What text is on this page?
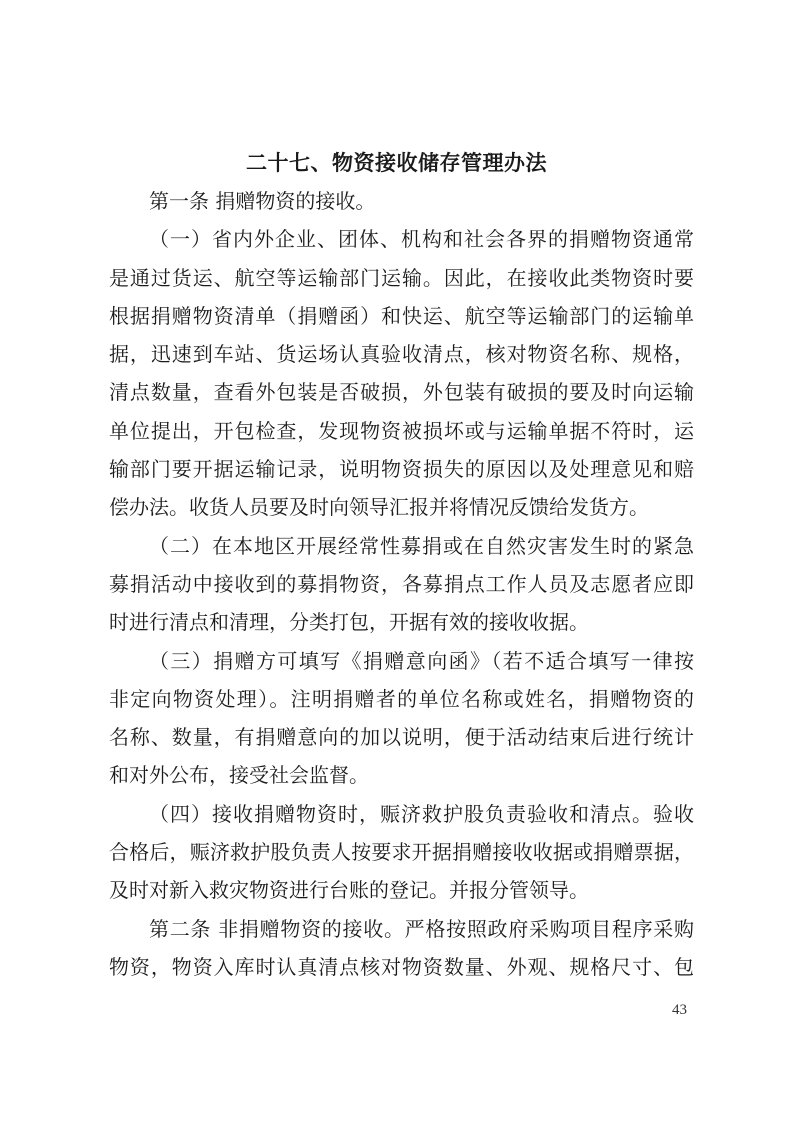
二十七、物资接收储存管理办法
第一条 捐赠物资的接收。
（一）省内外企业、团体、机构和社会各界的捐赠物资通常
是通过货运、航空等运输部门运输。因此，在接收此类物资时要
根据捐赠物资清单（捐赠函）和快运、航空等运输部门的运输单
据，迅速到车站、货运场认真验收清点，核对物资名称、规格，
清点数量，查看外包装是否破损，外包装有破损的要及时向运输
单位提出，开包检查，发现物资被损坏或与运输单据不符时，运
输部门要开据运输记录，说明物资损失的原因以及处理意见和赔
偿办法。收货人员要及时向领导汇报并将情况反馈给发货方。
（二）在本地区开展经常性募捐或在自然灾害发生时的紧急
募捐活动中接收到的募捐物资，各募捐点工作人员及志愿者应即
时进行清点和清理，分类打包，开据有效的接收收据。
（三）捐赠方可填写《捐赠意向函》（若不适合填写一律按
非定向物资处理）。注明捐赠者的单位名称或姓名，捐赠物资的
名称、数量，有捐赠意向的加以说明，便于活动结束后进行统计
和对外公布，接受社会监督。
（四）接收捐赠物资时，赈济救护股负责验收和清点。验收
合格后，赈济救护股负责人按要求开据捐赠接收收据或捐赠票据，
及时对新入救灾物资进行台账的登记。并报分管领导。
第二条 非捐赠物资的接收。严格按照政府采购项目程序采购
物资，物资入库时认真清点核对物资数量、外观、规格尺寸、包
43
